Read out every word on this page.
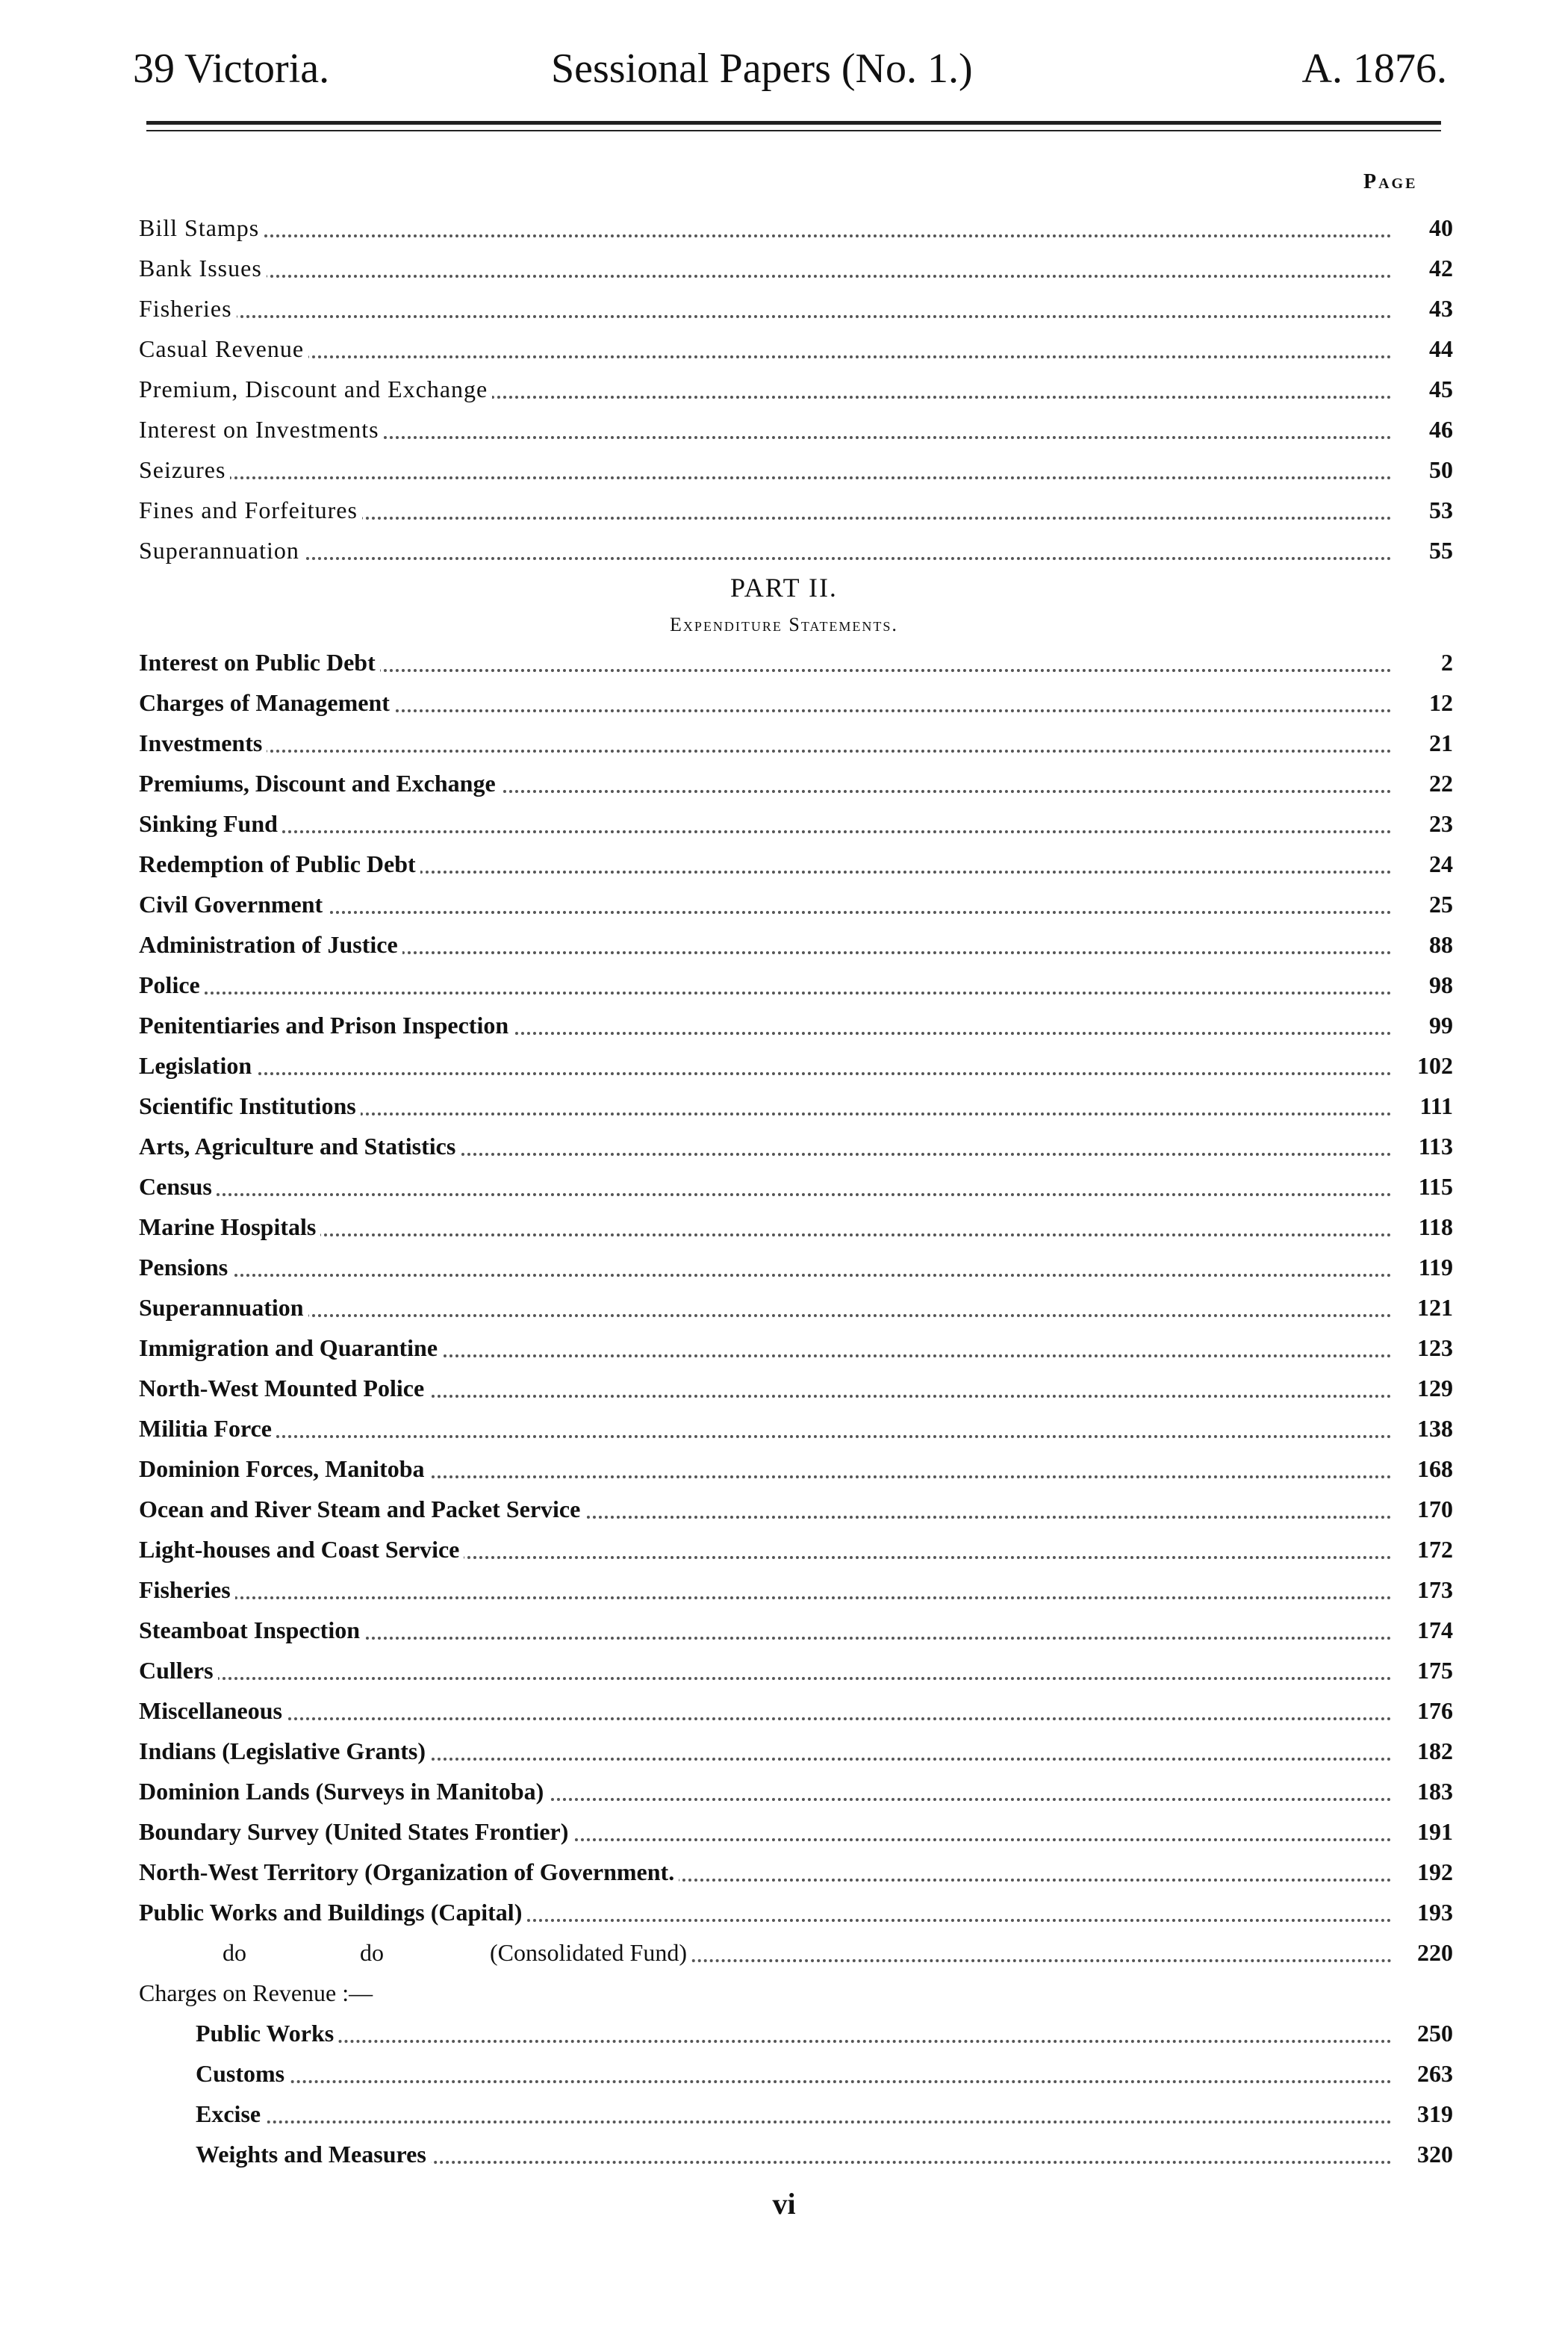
39 Victoria.	Sessional Papers (No. 1.)	A. 1876.
Page
Bill Stamps	40
Bank Issues	42
Fisheries	43
Casual Revenue	44
Premium, Discount and Exchange	45
Interest on Investments	46
Seizures	50
Fines and Forfeitures	53
Superannuation	55
PART II.
Expenditure Statements.
Interest on Public Debt	2
Charges of Management	12
Investments	21
Premiums, Discount and Exchange	22
Sinking Fund	23
Redemption of Public Debt	24
Civil Government	25
Administration of Justice	88
Police	98
Penitentiaries and Prison Inspection	99
Legislation	102
Scientific Institutions	111
Arts, Agriculture and Statistics	113
Census	115
Marine Hospitals	118
Pensions	119
Superannuation	121
Immigration and Quarantine	123
North-West Mounted Police	129
Militia Force	138
Dominion Forces, Manitoba	168
Ocean and River Steam and Packet Service	170
Light-houses and Coast Service	172
Fisheries	173
Steamboat Inspection	174
Cullers	175
Miscellaneous	176
Indians (Legislative Grants)	182
Dominion Lands (Surveys in Manitoba)	183
Boundary Survey (United States Frontier)	191
North-West Territory (Organization of Government.	192
Public Works and Buildings (Capital)	193
do	do	(Consolidated Fund)	220
Charges on Revenue :—
Public Works	250
Customs	263
Excise	319
Weights and Measures	320
vi
